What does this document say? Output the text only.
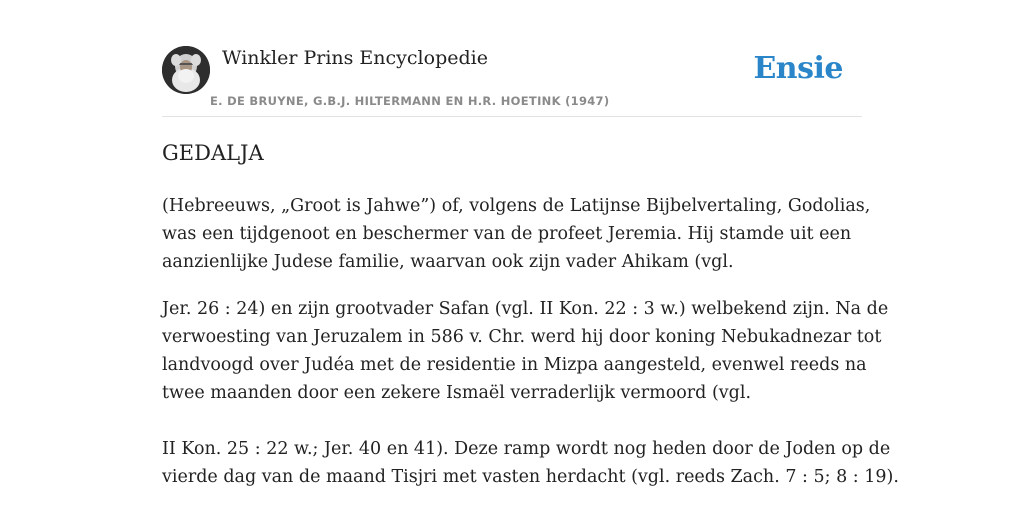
Winkler Prins Encyclopedie
E. DE BRUYNE, G.B.J. HILTERMANN EN H.R. HOETINK (1947)
Ensie
GEDALJA

(Hebreeuws, „Groot is Jahwe”) of, volgens de Latijnse Bijbelvertaling, Godolias,
was een tijdgenoot en beschermer van de profeet Jeremia. Hij stamde uit een
aanzienlijke Judese familie, waarvan ook zijn vader Ahikam (vgl.

Jer. 26 : 24) en zijn grootvader Safan (vgl. II Kon. 22 : 3 w.) welbekend zijn. Na de
verwoesting van Jeruzalem in 586 v. Chr. werd hij door koning Nebukadnezar tot
landvoogd over Judéa met de residentie in Mizpa aangesteld, evenwel reeds na
twee maanden door een zekere Ismaël verraderlijk vermoord (vgl.

II Kon. 25 : 22 w.; Jer. 40 en 41). Deze ramp wordt nog heden door de Joden op de
vierde dag van de maand Tisjri met vasten herdacht (vgl. reeds Zach. 7 : 5; 8 : 19).
